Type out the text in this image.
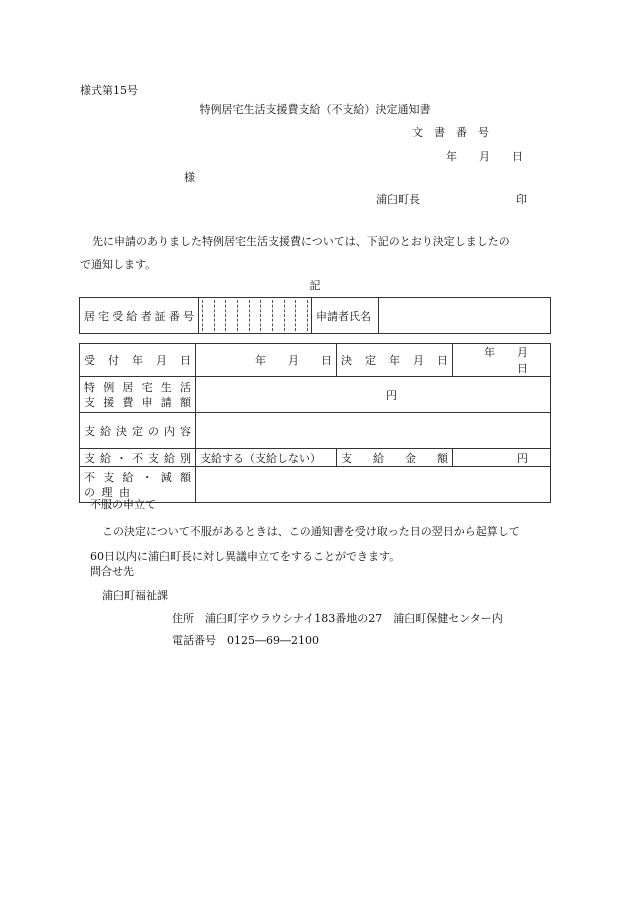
様式第15号
特例居宅生活支援費支給（不支給）決定通知書
文　書　番　号
年　　月　　日
様
浦臼町長	印

先に申請のありました特例居宅生活支援費については、下記のとおり決定しましたの

で通知します。

記
居宅受給者証番号		申請者氏名	
受付年月日	年　　月　　日	決定年月日	年　　月　　日

特例居宅生活
支援費申請額	円		
支給決定の内容			
支給・不支給別	支給する（支給しない）	支給金額	円

不支給・減額
の理由			

不服の申立て
この決定について不服があるときは、この通知書を受け取った日の翌日から起算して
60日以内に浦臼町長に対し異議申立てをすることができます。
問合せ先
浦臼町福祉課
住所　浦臼町字ウラウシナイ183番地の27　浦臼町保健センター内
電話番号　0125―69―2100
